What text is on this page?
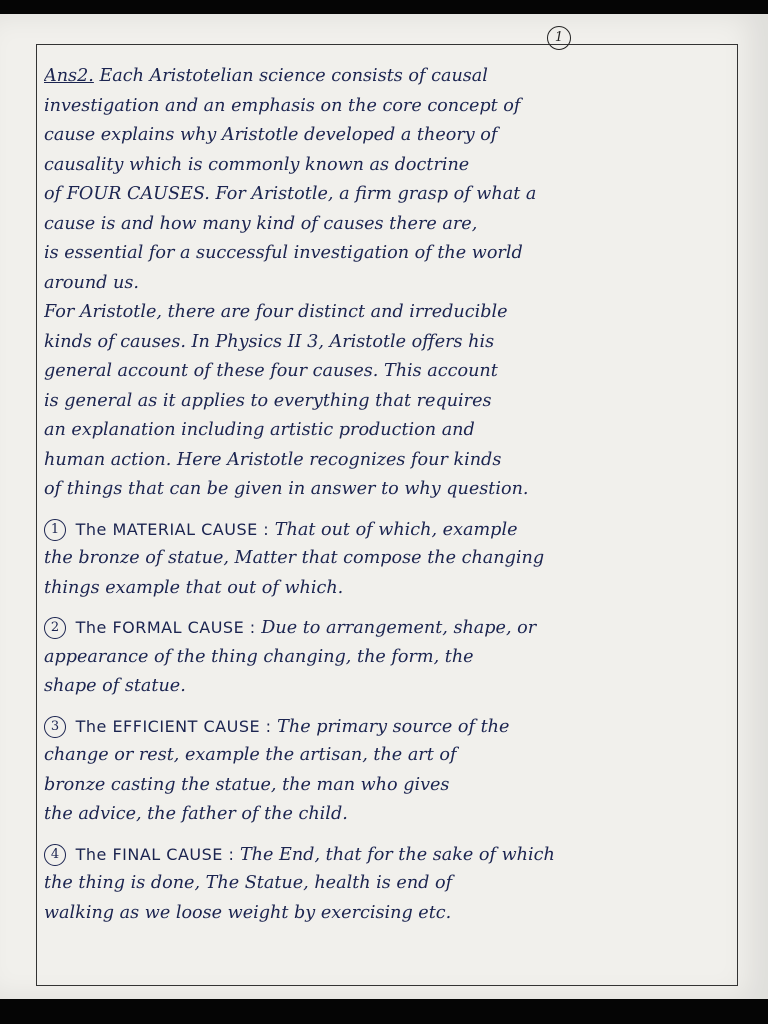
1
Ans2. Each Aristotelian science consists of causal
investigation and an emphasis on the core concept of
cause explains why Aristotle developed a theory of
causality which is commonly known as doctrine
of FOUR CAUSES. For Aristotle, a firm grasp of what a
cause is and how many kind of causes there are,
is essential for a successful investigation of the world
around us.
For Aristotle, there are four distinct and irreducible
kinds of causes. In Physics II 3, Aristotle offers his
general account of these four causes. This account
is general as it applies to everything that requires
an explanation including artistic production and
human action. Here Aristotle recognizes four kinds
of things that can be given in answer to why question.
1 The MATERIAL CAUSE : That out of which, example
the bronze of statue, Matter that compose the changing
things example that out of which.
2 The FORMAL CAUSE : Due to arrangement, shape, or
appearance of the thing changing, the form, the
shape of statue.
3 The EFFICIENT CAUSE : The primary source of the
change or rest, example the artisan, the art of
bronze casting the statue, the man who gives
the advice, the father of the child.
4 The FINAL CAUSE : The End, that for the sake of which
the thing is done, The Statue, health is end of
walking as we loose weight by exercising etc.
